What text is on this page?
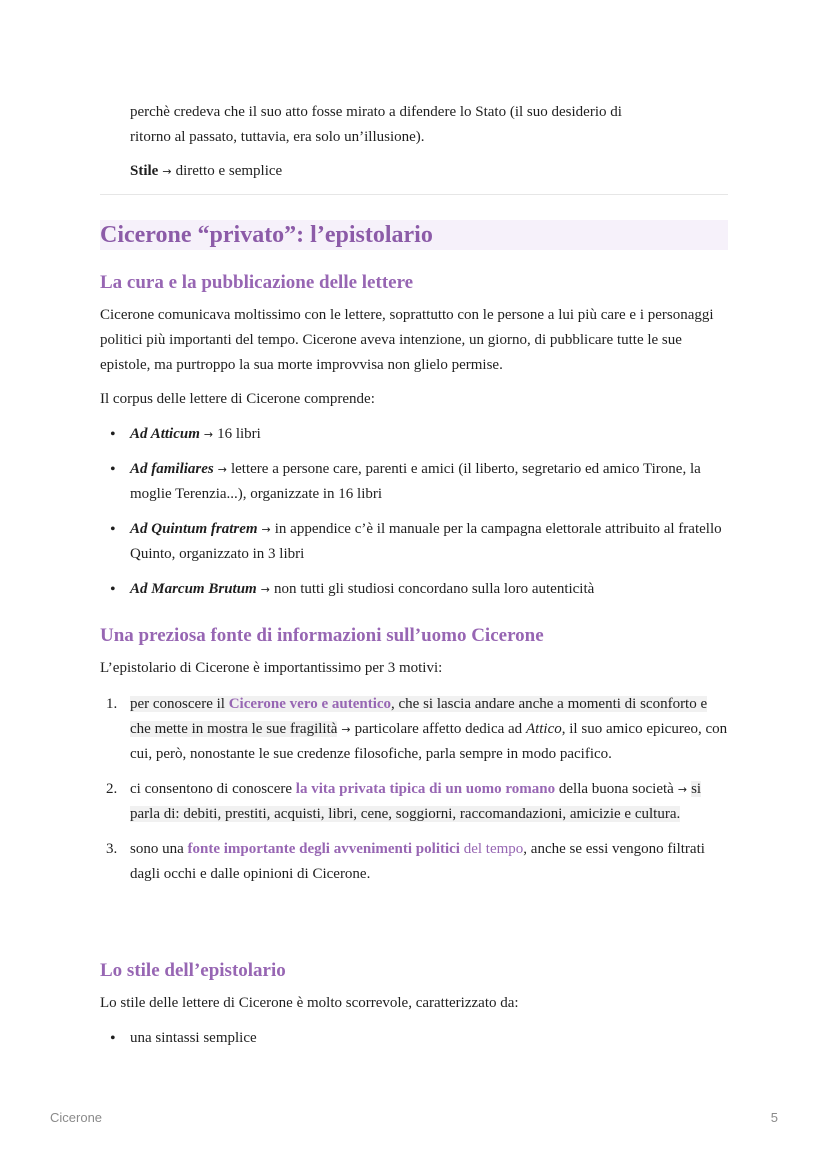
perchè credeva che il suo atto fosse mirato a difendere lo Stato (il suo desiderio di
ritorno al passato, tuttavia, era solo un’illusione).

Stile → diretto e semplice

Cicerone “privato”: l’epistolario
La cura e la pubblicazione delle lettere

Cicerone comunicava moltissimo con le lettere, soprattutto con le persone a lui più care e i personaggi politici più importanti del tempo. Cicerone aveva intenzione, un giorno, di pubblicare tutte le sue epistole, ma purtroppo la sua morte improvvisa non glielo permise.

Il corpus delle lettere di Cicerone comprende:

• Ad Atticum → 16 libri
• Ad familiares → lettere a persone care, parenti e amici (il liberto, segretario ed amico Tirone, la moglie Terenzia...), organizzate in 16 libri
• Ad Quintum fratrem → in appendice c’è il manuale per la campagna elettorale attribuito al fratello Quinto, organizzato in 3 libri
• Ad Marcum Brutum → non tutti gli studiosi concordano sulla loro autenticità
Una preziosa fonte di informazioni sull’uomo Cicerone

L’epistolario di Cicerone è importantissimo per 3 motivi:

1. per conoscere il Cicerone vero e autentico, che si lascia andare anche a momenti di sconforto e che mette in mostra le sue fragilità → particolare affetto dedica ad Attico, il suo amico epicureo, con cui, però, nonostante le sue credenze filosofiche, parla sempre in modo pacifico.
2. ci consentono di conoscere la vita privata tipica di un uomo romano della buona società → si parla di: debiti, prestiti, acquisti, libri, cene, soggiorni, raccomandazioni, amicizie e cultura.
3. sono una fonte importante degli avvenimenti politici del tempo, anche se essi vengono filtrati dagli occhi e dalle opinioni di Cicerone.
Lo stile dell’epistolario

Lo stile delle lettere di Cicerone è molto scorrevole, caratterizzato da:

• una sintassi semplice
Cicerone	5
